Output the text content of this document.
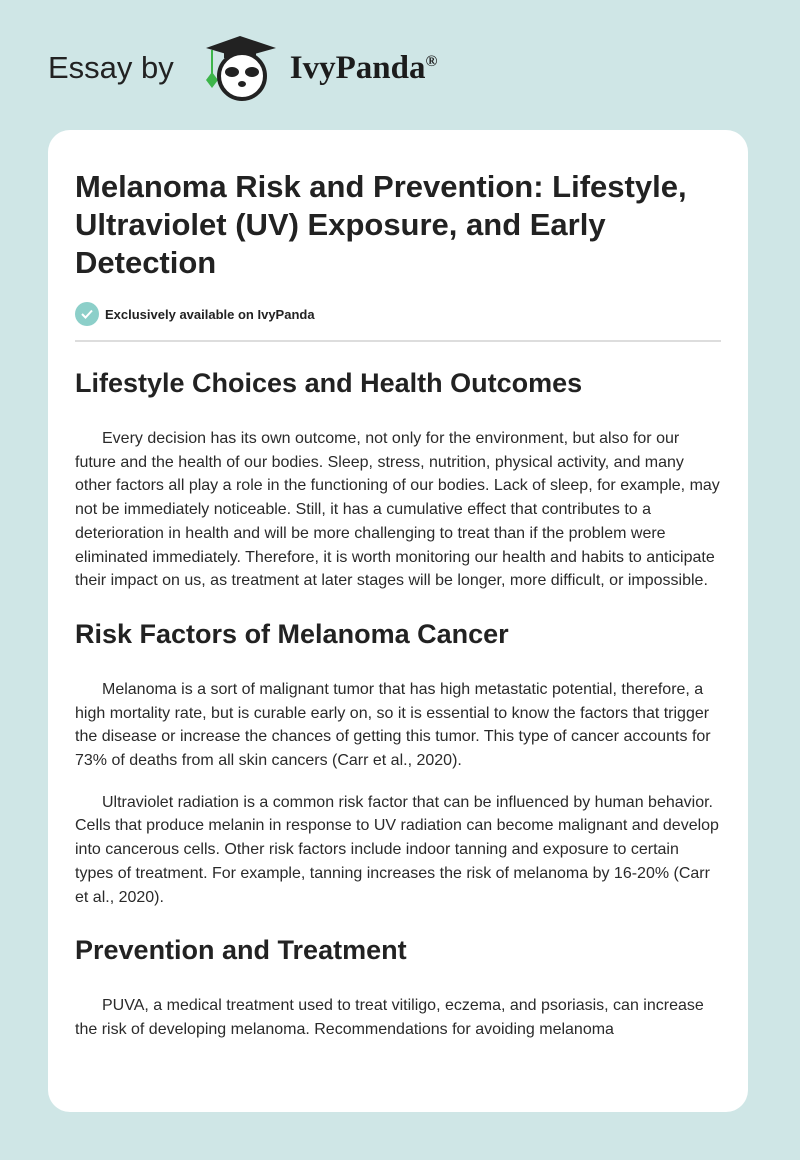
Essay by	IvyPanda®
Melanoma Risk and Prevention: Lifestyle, Ultraviolet (UV) Exposure, and Early Detection
Exclusively available on IvyPanda
Lifestyle Choices and Health Outcomes

Every decision has its own outcome, not only for the environment, but also for our future and the health of our bodies. Sleep, stress, nutrition, physical activity, and many other factors all play a role in the functioning of our bodies. Lack of sleep, for example, may not be immediately noticeable. Still, it has a cumulative effect that contributes to a deterioration in health and will be more challenging to treat than if the problem were eliminated immediately. Therefore, it is worth monitoring our health and habits to anticipate their impact on us, as treatment at later stages will be longer, more difficult, or impossible.

Risk Factors of Melanoma Cancer

Melanoma is a sort of malignant tumor that has high metastatic potential, therefore, a high mortality rate, but is curable early on, so it is essential to know the factors that trigger the disease or increase the chances of getting this tumor. This type of cancer accounts for 73% of deaths from all skin cancers (Carr et al., 2020).

Ultraviolet radiation is a common risk factor that can be influenced by human behavior. Cells that produce melanin in response to UV radiation can become malignant and develop into cancerous cells. Other risk factors include indoor tanning and exposure to certain types of treatment. For example, tanning increases the risk of melanoma by 16-20% (Carr et al., 2020).

Prevention and Treatment

PUVA, a medical treatment used to treat vitiligo, eczema, and psoriasis, can increase the risk of developing melanoma. Recommendations for avoiding melanoma
